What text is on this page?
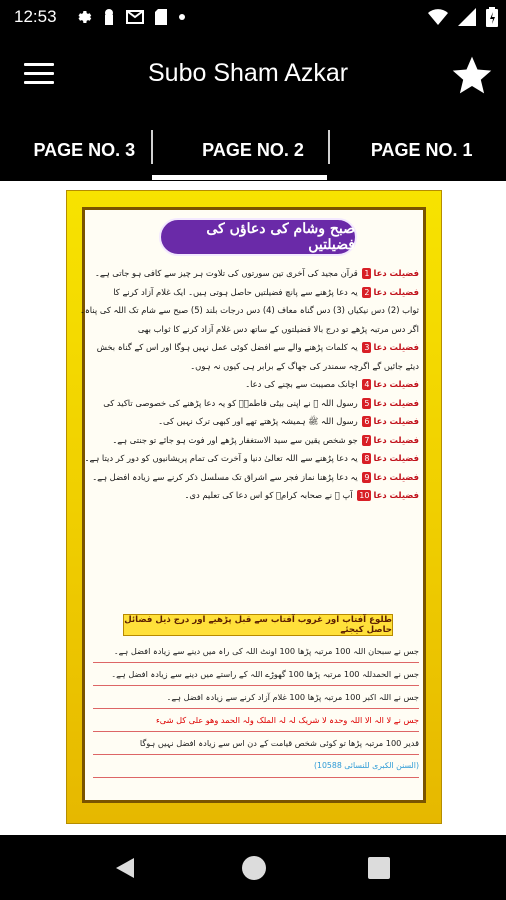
12:53
Subo Sham Azkar
PAGE NO. 3	PAGE NO. 2	PAGE NO. 1
صبح وشام کی دعاؤں کی فضیلتیں
فضیلت دعا1 قرآن مجید کی آخری تین سورتوں کی تلاوت ہر چیز سے کافی ہو جاتی ہے۔
فضیلت دعا2 یہ دعا پڑھنے سے پانچ فضیلتیں حاصل ہوتی ہیں۔ ایک غلام آزاد کرنے کا
ثواب (2) دس نیکیاں (3) دس گناہ معاف (4) دس درجات بلند (5) صبح سے شام تک اللہ کی پناہ۔
اگر دس مرتبہ پڑھے تو درج بالا فضیلتوں کے ساتھ دس غلام آزاد کرنے کا ثواب بھی
فضیلت دعا3 یہ کلمات پڑھنے والے سے افضل کوئی عمل نہیں ہوگا اور اس کے گناہ بخش
دیئے جائیں گے اگرچہ سمندر کی جھاگ کے برابر ہی کیوں نہ ہوں۔
فضیلت دعا4 اچانک مصیبت سے بچنے کی دعا۔
فضیلت دعا5 رسول اللہ ﷺ نے اپنی بیٹی فاطمہؓ کو یہ دعا پڑھنے کی خصوصی تاکید کی
فضیلت دعا6 رسول اللہ ﷺ ہمیشہ پڑھتے تھے اور کبھی ترک نہیں کی۔
فضیلت دعا7 جو شخص یقین سے سید الاستغفار پڑھے اور فوت ہو جائے تو جنتی ہے۔
فضیلت دعا8 یہ دعا پڑھنے سے اللہ تعالیٰ دنیا و آخرت کی تمام پریشانیوں کو دور کر دیتا ہے۔
فضیلت دعا9 یہ دعا پڑھنا نماز فجر سے اشراق تک مسلسل ذکر کرنے سے زیادہ افضل ہے۔
فضیلت دعا10 آپ ﷺ نے صحابہ کرامؓ کو اس دعا کی تعلیم دی۔
طلوع آفتاب اور غروب آفتاب سے قبل پڑھیے اور درج ذیل فضائل حاصل کیجئے
جس نے سبحان اللہ 100 مرتبہ پڑھا 100 اونٹ اللہ کی راہ میں دینے سے زیادہ افضل ہے۔
جس نے الحمدللہ 100 مرتبہ پڑھا 100 گھوڑے اللہ کے راستے میں دینے سے زیادہ افضل ہے۔
جس نے اللہ اکبر 100 مرتبہ پڑھا 100 غلام آزاد کرنے سے زیادہ افضل ہے۔
جس نے لا الہ الا اللہ وحدہ لا شریک لہ لہ الملک ولہ الحمد وھو علی کل شیء
قدیر 100 مرتبہ پڑھا تو کوئی شخص قیامت کے دن اس سے زیادہ افضل نہیں ہوگا
(السنن الکبری للنسائی 10588)
